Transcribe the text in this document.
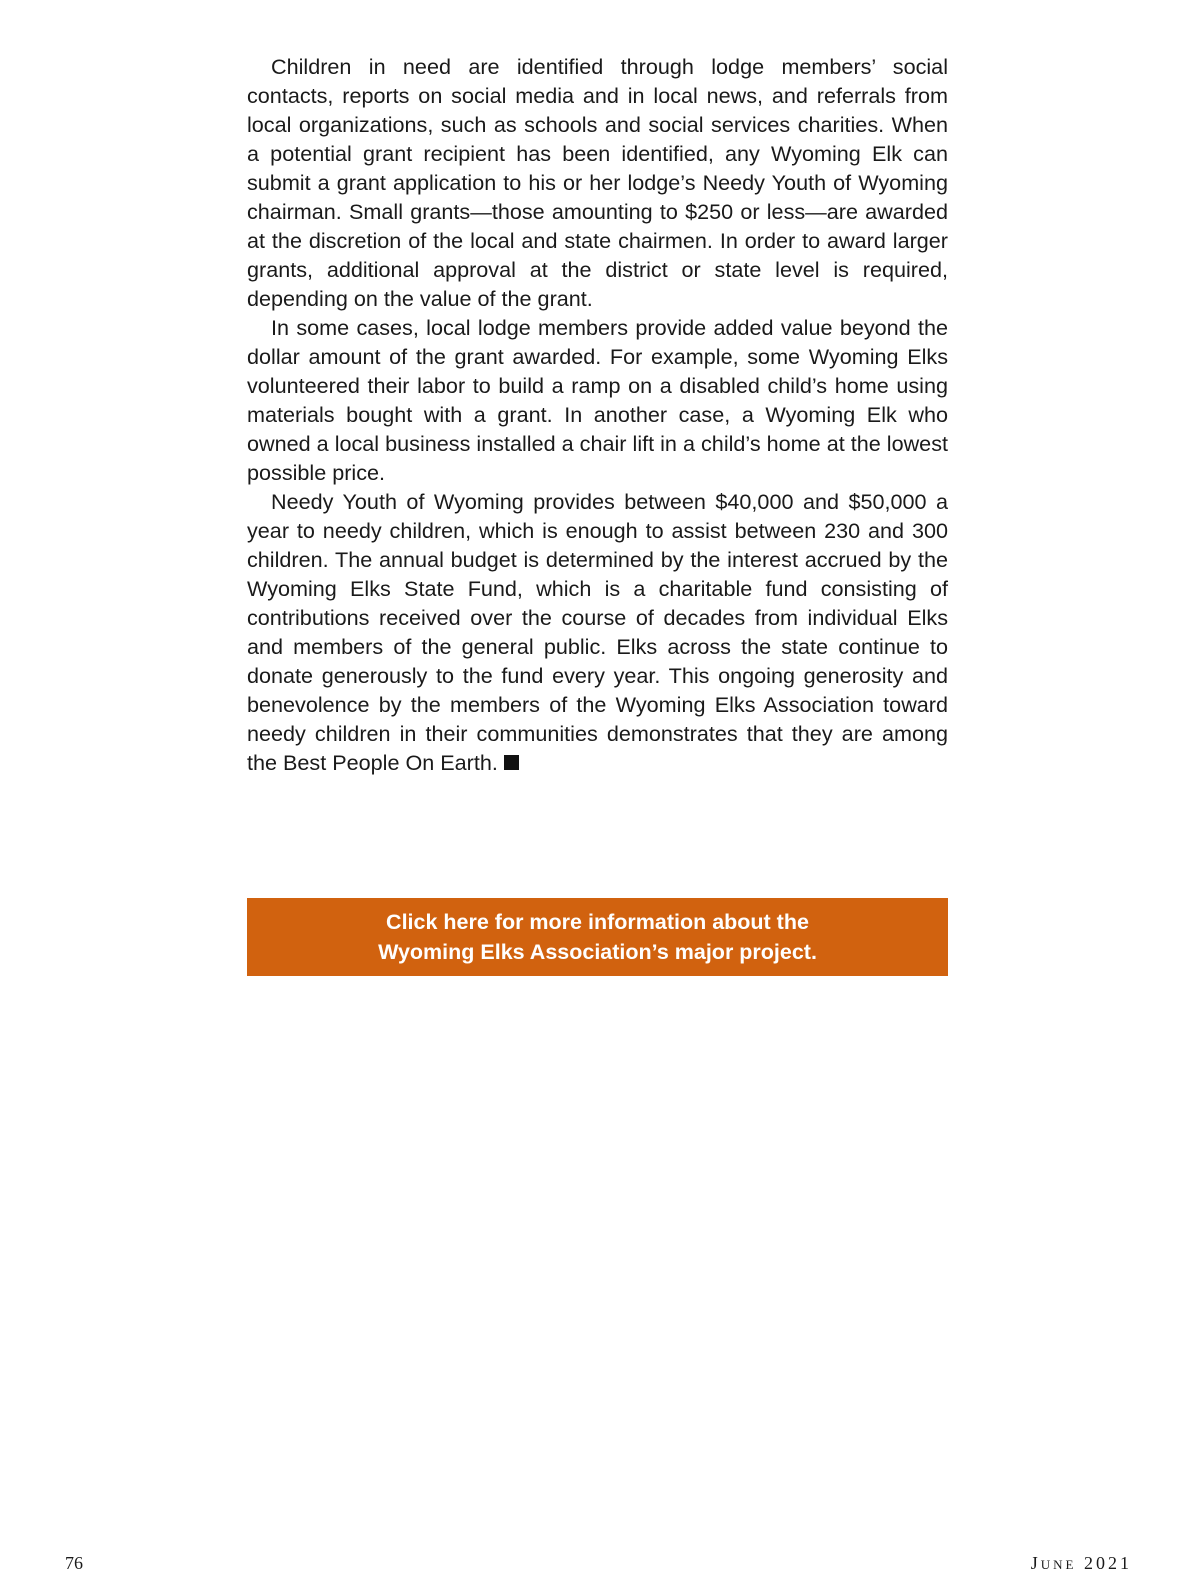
Children in need are identified through lodge members’ social contacts, reports on social media and in local news, and referrals from local organizations, such as schools and social services charities. When a potential grant recipient has been identified, any Wyoming Elk can submit a grant application to his or her lodge’s Needy Youth of Wyoming chairman. Small grants—those amounting to $250 or less—are awarded at the discretion of the local and state chairmen. In order to award larger grants, additional approval at the district or state level is required, depending on the value of the grant.

In some cases, local lodge members provide added value beyond the dollar amount of the grant awarded. For example, some Wyoming Elks volunteered their labor to build a ramp on a disabled child’s home using materials bought with a grant. In another case, a Wyoming Elk who owned a local business installed a chair lift in a child’s home at the lowest possible price.

Needy Youth of Wyoming provides between $40,000 and $50,000 a year to needy children, which is enough to assist between 230 and 300 children. The annual budget is determined by the interest accrued by the Wyoming Elks State Fund, which is a charitable fund consisting of contributions received over the course of decades from individual Elks and members of the general public. Elks across the state continue to donate generously to the fund every year. This ongoing generosity and benevolence by the members of the Wyoming Elks Association toward needy children in their communities demonstrates that they are among the Best People On Earth.

Click here for more information about the
Wyoming Elks Association’s major project.
76	June 2021
